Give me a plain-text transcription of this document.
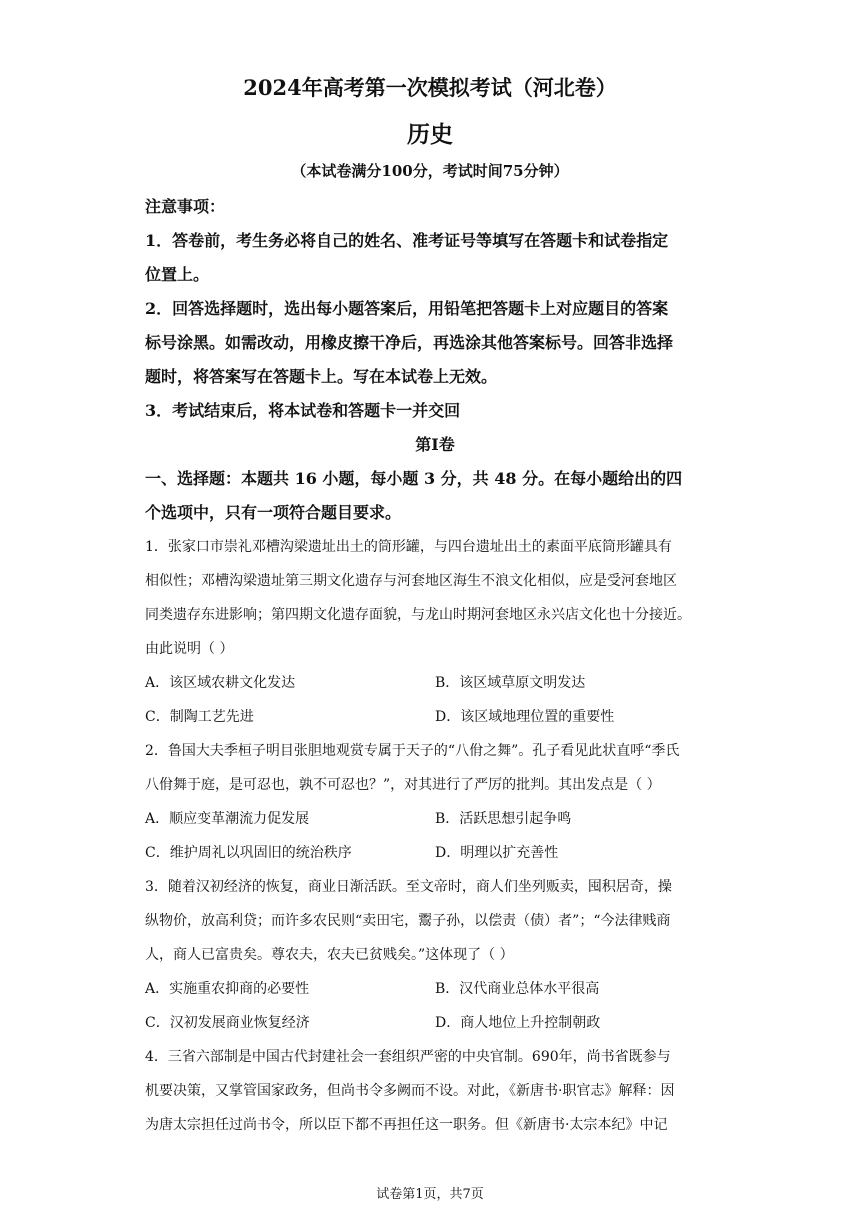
2024年高考第一次模拟考试（河北卷）
历史
（本试卷满分100分，考试时间75分钟）
注意事项：
1．答卷前，考生务必将自己的姓名、准考证号等填写在答题卡和试卷指定
位置上。
2．回答选择题时，选出每小题答案后，用铅笔把答题卡上对应题目的答案
标号涂黑。如需改动，用橡皮擦干净后，再选涂其他答案标号。回答非选择
题时，将答案写在答题卡上。写在本试卷上无效。
3．考试结束后，将本试卷和答题卡一并交回
第Ⅰ卷
一、选择题：本题共 16 小题，每小题 3 分，共 48 分。在每小题给出的四
个选项中，只有一项符合题目要求。
1．张家口市崇礼邓槽沟梁遗址出土的筒形罐，与四台遗址出土的素面平底筒形罐具有
相似性；邓槽沟梁遗址第三期文化遗存与河套地区海生不浪文化相似，应是受河套地区
同类遗存东进影响；第四期文化遗存面貌，与龙山时期河套地区永兴店文化也十分接近。
由此说明（ ）
A．该区域农耕文化发达	B．该区域草原文明发达
C．制陶工艺先进	D．该区域地理位置的重要性
2．鲁国大夫季桓子明目张胆地观赏专属于天子的“八佾之舞”。孔子看见此状直呼“季氏
八佾舞于庭，是可忍也，孰不可忍也？”，对其进行了严厉的批判。其出发点是（ ）
A．顺应变革潮流力促发展	B．活跃思想引起争鸣
C．维护周礼以巩固旧的统治秩序	D．明理以扩充善性
3．随着汉初经济的恢复，商业日渐活跃。至文帝时，商人们坐列贩卖，囤积居奇，操
纵物价，放高利贷；而许多农民则“卖田宅，鬻子孙，以偿责（债）者”；“今法律贱商
人，商人已富贵矣。尊农夫，农夫已贫贱矣。”这体现了（ ）
A．实施重农抑商的必要性	B．汉代商业总体水平很高
C．汉初发展商业恢复经济	D．商人地位上升控制朝政
4．三省六部制是中国古代封建社会一套组织严密的中央官制。690年，尚书省既参与
机要决策，又掌管国家政务，但尚书令多阙而不设。对此，《新唐书·职官志》解释：因
为唐太宗担任过尚书令，所以臣下都不再担任这一职务。但《新唐书·太宗本纪》中记
试卷第1页，共7页
